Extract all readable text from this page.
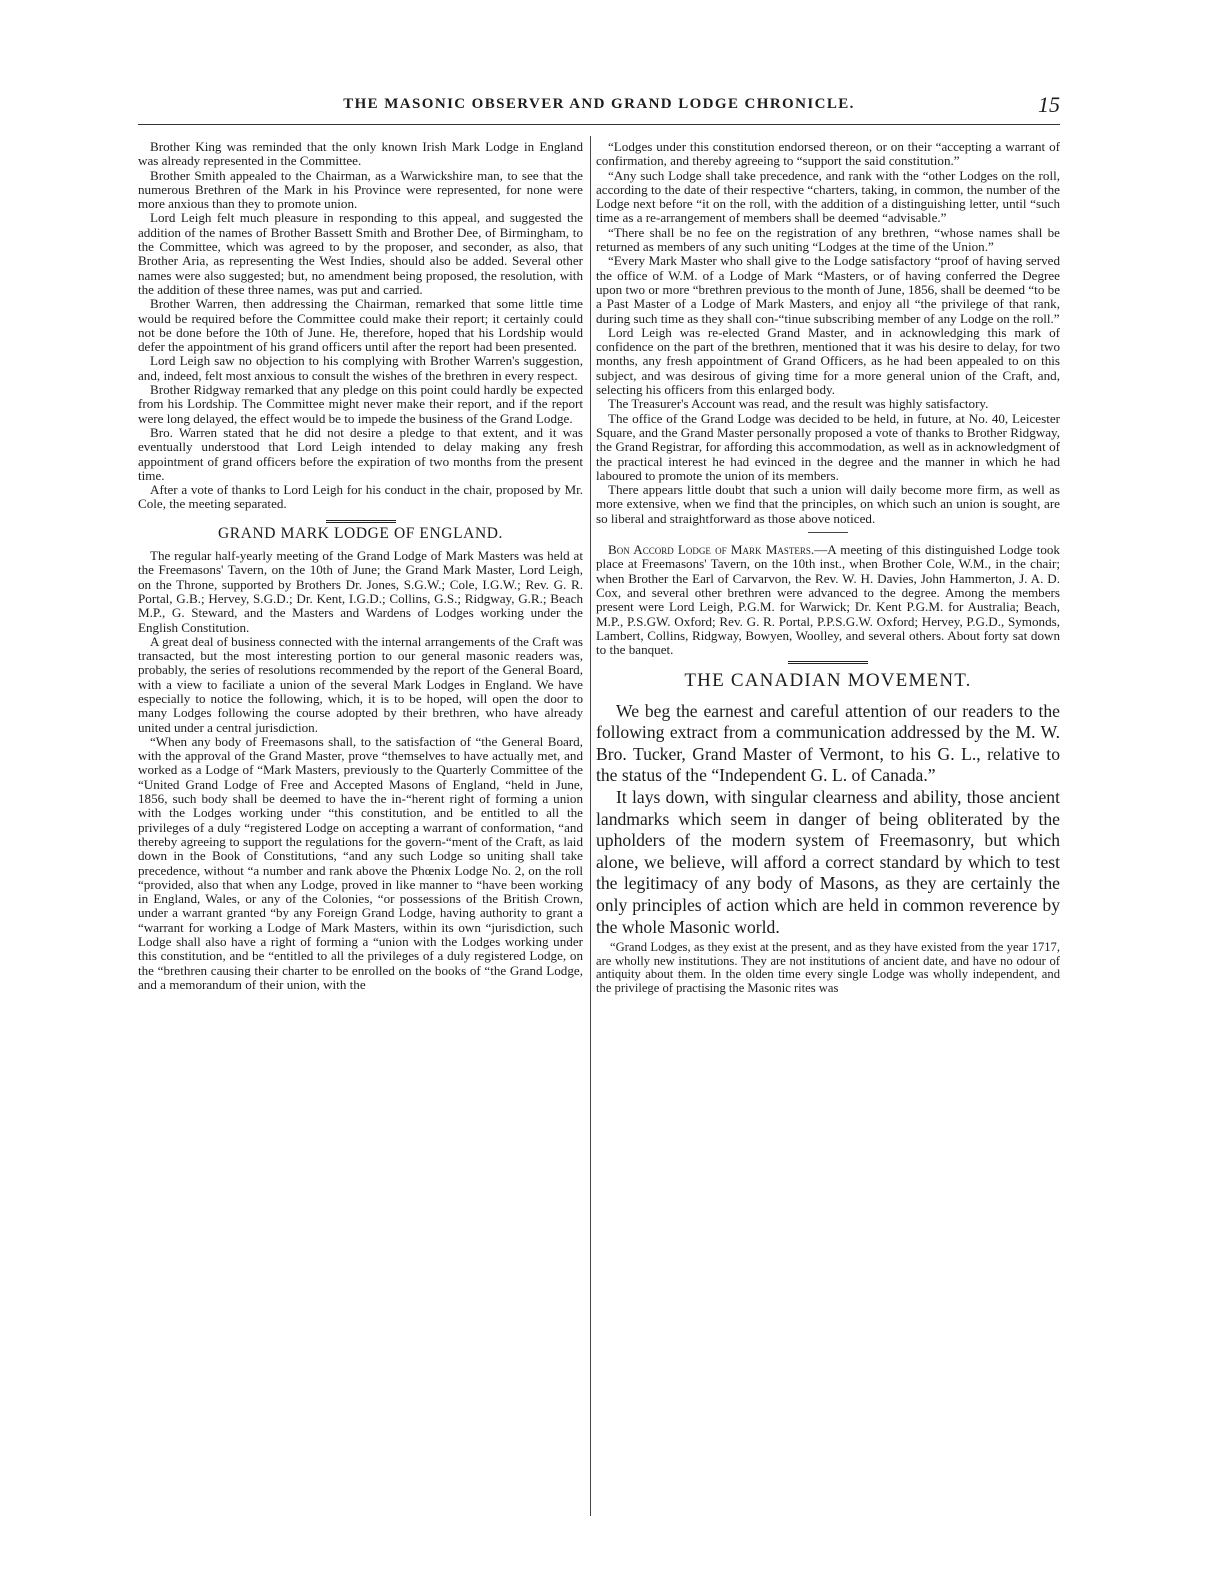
THE MASONIC OBSERVER AND GRAND LODGE CHRONICLE.	15

Brother King was reminded that the only known Irish Mark Lodge in England was already represented in the Committee.

Brother Smith appealed to the Chairman, as a Warwickshire man, to see that the numerous Brethren of the Mark in his Province were represented, for none were more anxious than they to promote union.

Lord Leigh felt much pleasure in responding to this appeal, and suggested the addition of the names of Brother Bassett Smith and Brother Dee, of Birmingham, to the Committee, which was agreed to by the proposer, and seconder, as also, that Brother Aria, as representing the West Indies, should also be added. Several other names were also suggested; but, no amendment being proposed, the resolution, with the addition of these three names, was put and carried.

Brother Warren, then addressing the Chairman, remarked that some little time would be required before the Committee could make their report; it certainly could not be done before the 10th of June. He, therefore, hoped that his Lordship would defer the appointment of his grand officers until after the report had been presented.

Lord Leigh saw no objection to his complying with Brother Warren's suggestion, and, indeed, felt most anxious to consult the wishes of the brethren in every respect.

Brother Ridgway remarked that any pledge on this point could hardly be expected from his Lordship. The Committee might never make their report, and if the report were long delayed, the effect would be to impede the business of the Grand Lodge.

Bro. Warren stated that he did not desire a pledge to that extent, and it was eventually understood that Lord Leigh intended to delay making any fresh appointment of grand officers before the expiration of two months from the present time.

After a vote of thanks to Lord Leigh for his conduct in the chair, proposed by Mr. Cole, the meeting separated.

GRAND MARK LODGE OF ENGLAND.

The regular half-yearly meeting of the Grand Lodge of Mark Masters was held at the Freemasons' Tavern, on the 10th of June; the Grand Mark Master, Lord Leigh, on the Throne, supported by Brothers Dr. Jones, S.G.W.; Cole, I.G.W.; Rev. G. R. Portal, G.B.; Hervey, S.G.D.; Dr. Kent, I.G.D.; Collins, G.S.; Ridgway, G.R.; Beach M.P., G. Steward, and the Masters and Wardens of Lodges working under the English Constitution.

A great deal of business connected with the internal arrangements of the Craft was transacted, but the most interesting portion to our general masonic readers was, probably, the series of resolutions recommended by the report of the General Board, with a view to faciliate a union of the several Mark Lodges in England. We have especially to notice the following, which, it is to be hoped, will open the door to many Lodges following the course adopted by their brethren, who have already united under a central jurisdiction.

“When any body of Freemasons shall, to the satisfaction of “the General Board, with the approval of the Grand Master, prove “themselves to have actually met, and worked as a Lodge of “Mark Masters, previously to the Quarterly Committee of the “United Grand Lodge of Free and Accepted Masons of England, “held in June, 1856, such body shall be deemed to have the in-“herent right of forming a union with the Lodges working under “this constitution, and be entitled to all the privileges of a duly “registered Lodge on accepting a warrant of conformation, “and thereby agreeing to support the regulations for the govern-“ment of the Craft, as laid down in the Book of Constitutions, “and any such Lodge so uniting shall take precedence, without “a number and rank above the Phœnix Lodge No. 2, on the roll “provided, also that when any Lodge, proved in like manner to “have been working in England, Wales, or any of the Colonies, “or possessions of the British Crown, under a warrant granted “by any Foreign Grand Lodge, having authority to grant a “warrant for working a Lodge of Mark Masters, within its own “jurisdiction, such Lodge shall also have a right of forming a “union with the Lodges working under this constitution, and be “entitled to all the privileges of a duly registered Lodge, on the “brethren causing their charter to be enrolled on the books of “the Grand Lodge, and a memorandum of their union, with the

“Lodges under this constitution endorsed thereon, or on their “accepting a warrant of confirmation, and thereby agreeing to “support the said constitution.”

“Any such Lodge shall take precedence, and rank with the “other Lodges on the roll, according to the date of their respective “charters, taking, in common, the number of the Lodge next before “it on the roll, with the addition of a distinguishing letter, until “such time as a re-arrangement of members shall be deemed “advisable.”

“There shall be no fee on the registration of any brethren, “whose names shall be returned as members of any such uniting “Lodges at the time of the Union.”

“Every Mark Master who shall give to the Lodge satisfactory “proof of having served the office of W.M. of a Lodge of Mark “Masters, or of having conferred the Degree upon two or more “brethren previous to the month of June, 1856, shall be deemed “to be a Past Master of a Lodge of Mark Masters, and enjoy all “the privilege of that rank, during such time as they shall con-“tinue subscribing member of any Lodge on the roll.”

Lord Leigh was re-elected Grand Master, and in acknowledging this mark of confidence on the part of the brethren, mentioned that it was his desire to delay, for two months, any fresh appointment of Grand Officers, as he had been appealed to on this subject, and was desirous of giving time for a more general union of the Craft, and, selecting his officers from this enlarged body.

The Treasurer's Account was read, and the result was highly satisfactory.

The office of the Grand Lodge was decided to be held, in future, at No. 40, Leicester Square, and the Grand Master personally proposed a vote of thanks to Brother Ridgway, the Grand Registrar, for affording this accommodation, as well as in acknowledgment of the practical interest he had evinced in the degree and the manner in which he had laboured to promote the union of its members.

There appears little doubt that such a union will daily become more firm, as well as more extensive, when we find that the principles, on which such an union is sought, are so liberal and straightforward as those above noticed.

Bon Accord Lodge of Mark Masters.—A meeting of this distinguished Lodge took place at Freemasons' Tavern, on the 10th inst., when Brother Cole, W.M., in the chair; when Brother the Earl of Carvarvon, the Rev. W. H. Davies, John Hammerton, J. A. D. Cox, and several other brethren were advanced to the degree. Among the members present were Lord Leigh, P.G.M. for Warwick; Dr. Kent P.G.M. for Australia; Beach, M.P., P.S.GW. Oxford; Rev. G. R. Portal, P.P.S.G.W. Oxford; Hervey, P.G.D., Symonds, Lambert, Collins, Ridgway, Bowyen, Woolley, and several others. About forty sat down to the banquet.

THE CANADIAN MOVEMENT.

We beg the earnest and careful attention of our readers to the following extract from a communication addressed by the M. W. Bro. Tucker, Grand Master of Vermont, to his G. L., relative to the status of the “Independent G. L. of Canada.”

It lays down, with singular clearness and ability, those ancient landmarks which seem in danger of being obliterated by the upholders of the modern system of Freemasonry, but which alone, we believe, will afford a correct standard by which to test the legitimacy of any body of Masons, as they are certainly the only principles of action which are held in common reverence by the whole Masonic world.

“Grand Lodges, as they exist at the present, and as they have existed from the year 1717, are wholly new institutions. They are not institutions of ancient date, and have no odour of antiquity about them. In the olden time every single Lodge was wholly independent, and the privilege of practising the Masonic rites was
